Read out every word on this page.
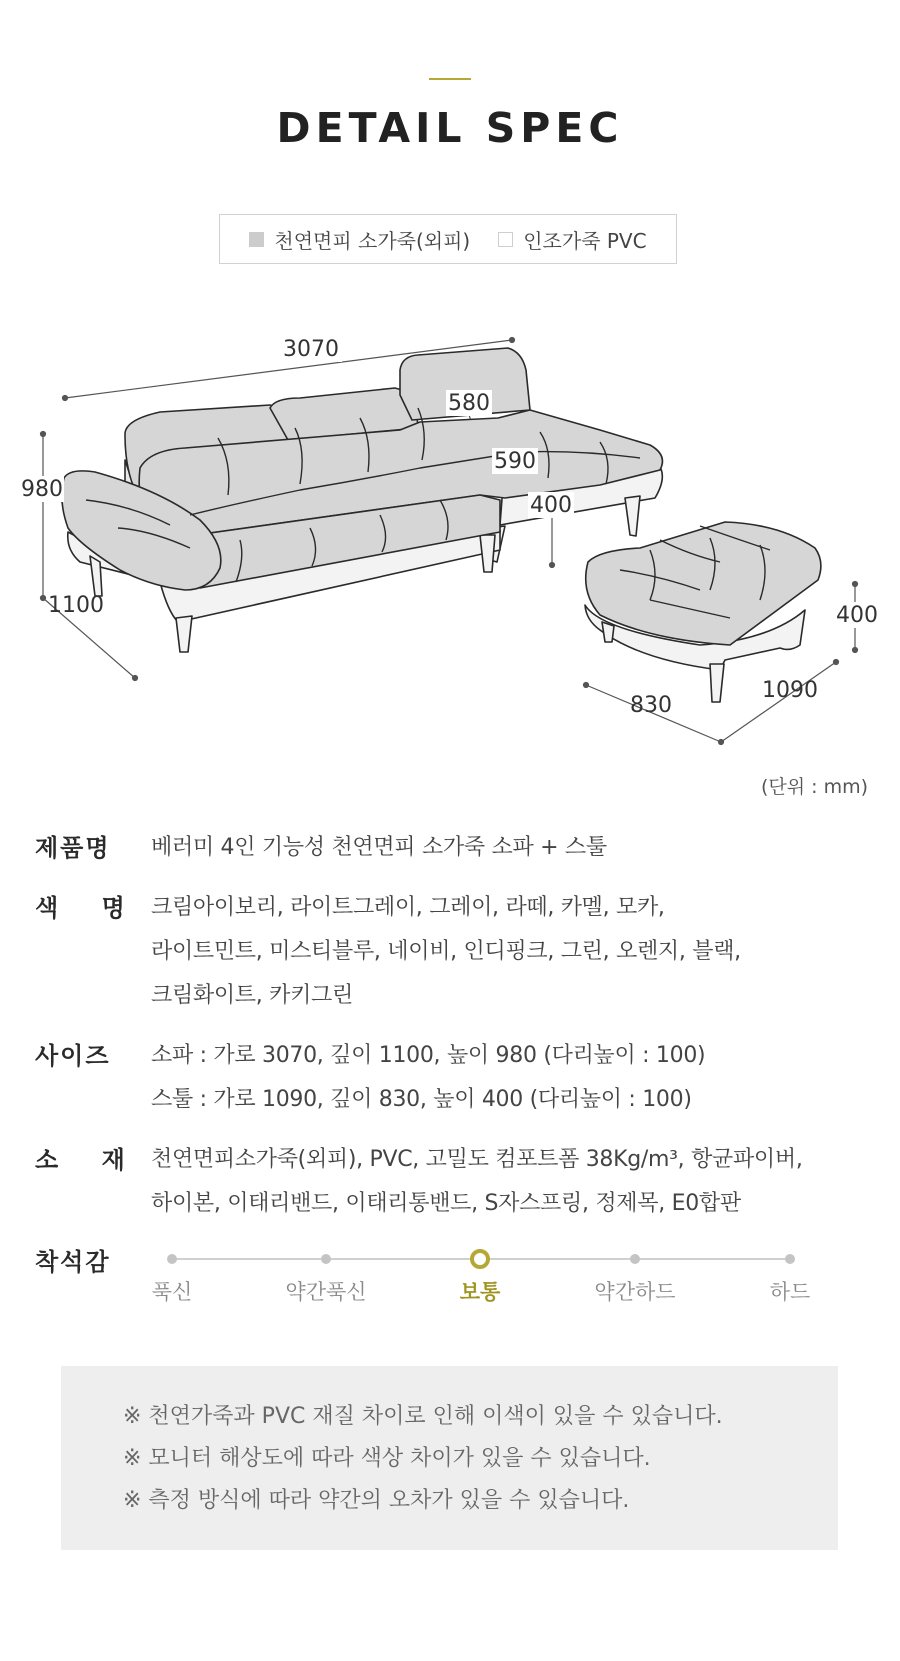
DETAIL SPEC
천연면피 소가죽(외피)	인조가죽 PVC
3070
980
1100
580
590
400
400
1090
830
(단위 : mm)
제품명	베러미 4인 기능성 천연면피 소가죽 소파 + 스툴
색    명	크림아이보리, 라이트그레이, 그레이, 라떼, 카멜, 모카,
라이트민트, 미스티블루, 네이비, 인디핑크, 그린, 오렌지, 블랙,
크림화이트, 카키그린
사이즈	소파 : 가로 3070, 깊이 1100, 높이 980 (다리높이 : 100)
스툴 : 가로 1090, 깊이 830, 높이 400 (다리높이 : 100)
소    재	천연면피소가죽(외피), PVC, 고밀도 컴포트폼 38Kg/m³, 항균파이버,
하이본, 이태리밴드, 이태리통밴드, S자스프링, 정제목, E0합판
착석감
푹신	약간푹신	보통	약간하드	하드
※ 천연가죽과 PVC 재질 차이로 인해 이색이 있을 수 있습니다.
※ 모니터 해상도에 따라 색상 차이가 있을 수 있습니다.
※ 측정 방식에 따라 약간의 오차가 있을 수 있습니다.
